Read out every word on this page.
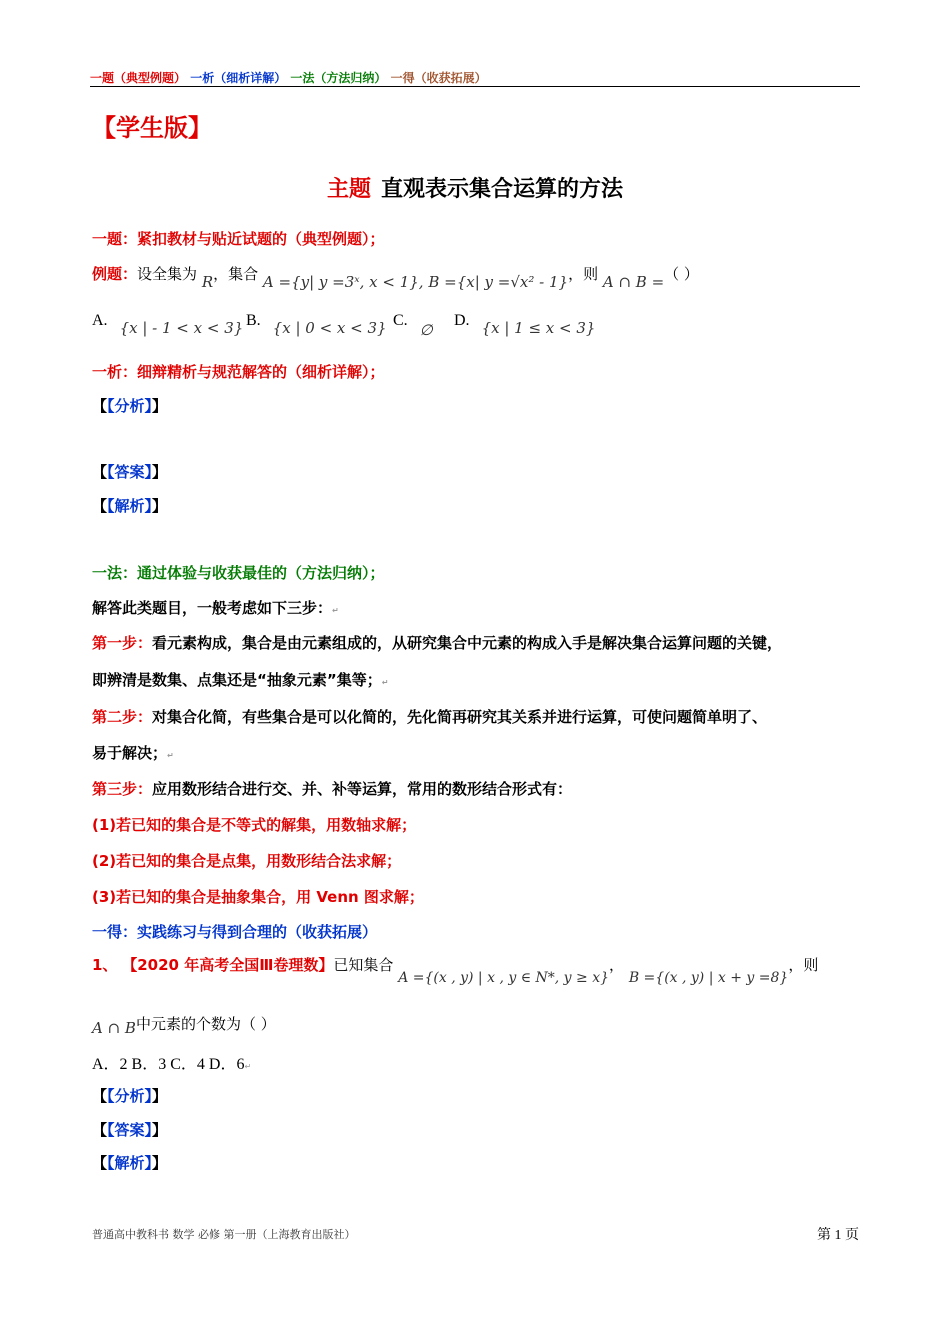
一题（典型例题） 一析（细析详解） 一法（方法归纳） 一得（收获拓展）
【学生版】
主题 直观表示集合运算的方法
一题：紧扣教材与贴近试题的（典型例题）；
例题：设全集为 R，集合 A ={y| y =3ˣ, x < 1}, B ={x| y =√x² - 1}，则 A ∩ B =（ ）
A. {x | - 1 < x < 3} B. {x | 0 < x < 3} C. ∅
D. {x | 1 ≤ x < 3}
一析：细辩精析与规范解答的（细析详解）；
【【分析】】
【【答案】】
【【解析】】
一法：通过体验与收获最佳的（方法归纳）；
解答此类题目，一般考虑如下三步：↵
第一步：看元素构成，集合是由元素组成的，从研究集合中元素的构成入手是解决集合运算问题的关键，
即辨清是数集、点集还是“抽象元素”集等；↵
第二步：对集合化简，有些集合是可以化简的，先化简再研究其关系并进行运算，可使问题简单明了、
易于解决；↵
第三步：应用数形结合进行交、并、补等运算，常用的数形结合形式有：
(1)若已知的集合是不等式的解集，用数轴求解；
(2)若已知的集合是点集，用数形结合法求解；
(3)若已知的集合是抽象集合，用 Venn 图求解；
一得：实践练习与得到合理的（收获拓展）
1、 【2020 年高考全国Ⅲ卷理数】已知集合 A ={(x , y) | x , y ∈ N*, y ≥ x}， B ={(x , y) | x + y =8}，则
A ∩ B中元素的个数为（ ）
A．2 B．3 C．4 D．6↵
【【分析】】
【【答案】】
【【解析】】
普通高中教科书 数学 必修 第一册（上海教育出版社）	第 1 页
